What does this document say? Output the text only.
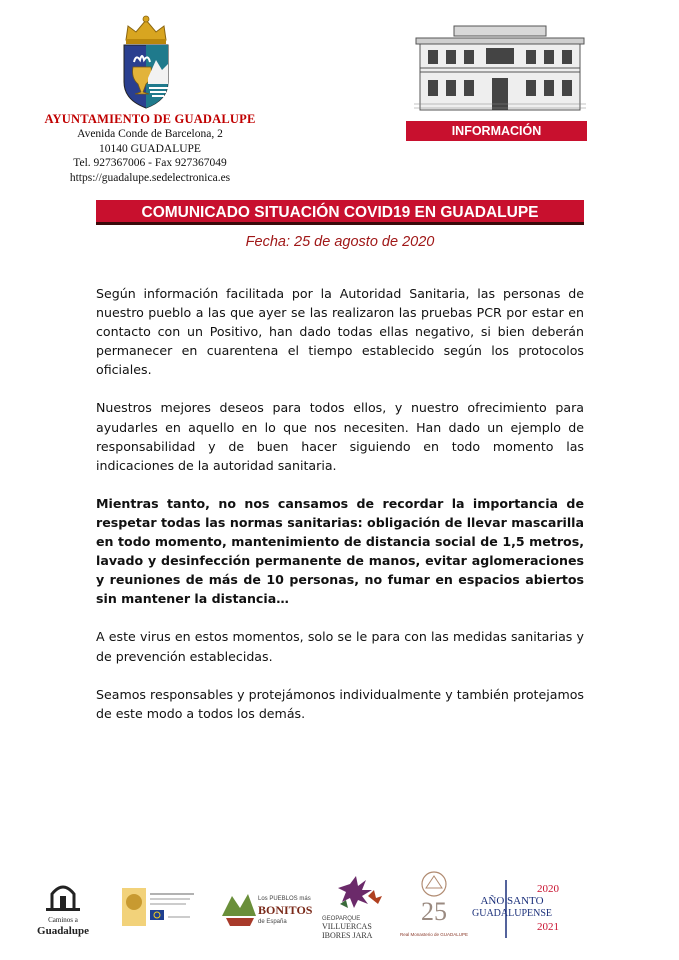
AYUNTAMIENTO DE GUADALUPE
Avenida Conde de Barcelona, 2
10140 GUADALUPE
Tel. 927367006 - Fax 927367049
https://guadalupe.sedelectronica.es
INFORMACIÓN
COMUNICADO SITUACIÓN COVID19 EN GUADALUPE
Fecha: 25 de agosto de 2020

Según información facilitada por la Autoridad Sanitaria, las personas de nuestro pueblo a las que ayer se las realizaron las pruebas PCR por estar en contacto con un Positivo, han dado todas ellas negativo, si bien deberán permanecer en cuarentena el tiempo establecido según los protocolos oficiales.

Nuestros mejores deseos para todos ellos, y nuestro ofrecimiento para ayudarles en aquello en lo que nos necesiten. Han dado un ejemplo de responsabilidad y de buen hacer siguiendo en todo momento las indicaciones de la autoridad sanitaria.

Mientras tanto, no nos cansamos de recordar la importancia de respetar todas las normas sanitarias: obligación de llevar mascarilla en todo momento, mantenimiento de distancia social de 1,5 metros, lavado y desinfección permanente de manos, evitar aglomeraciones y reuniones de más de 10 personas, no fumar en espacios abiertos sin mantener la distancia…

A este virus en estos momentos, solo se le para con las medidas sanitarias y de prevención establecidas.

Seamos responsables y protejámonos individualmente y también protejamos de este modo a todos los demás.

Caminos a
Guadalupe
Los PUEBLOS más
BONITOS
de España	GEOPARQUE
VILLUERCAS
IBORES JARA
25
Real Monasterio de GUADALUPE
2020
AÑO SANTO
GUADALUPENSE
2021
